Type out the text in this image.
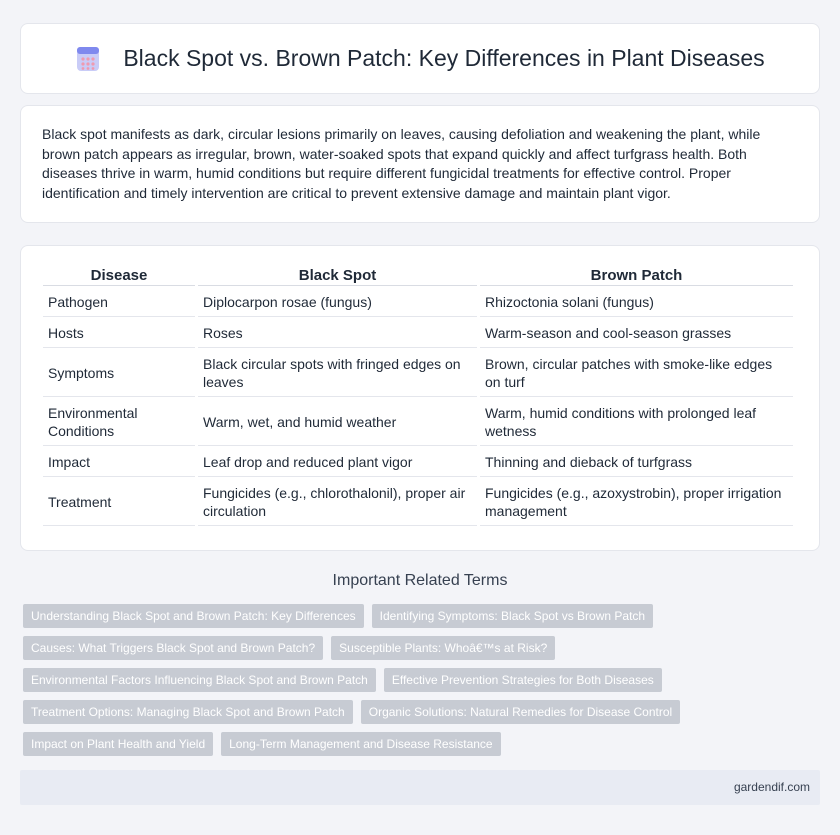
Black Spot vs. Brown Patch: Key Differences in Plant Diseases

Black spot manifests as dark, circular lesions primarily on leaves, causing defoliation and weakening the plant, while brown patch appears as irregular, brown, water-soaked spots that expand quickly and affect turfgrass health. Both diseases thrive in warm, humid conditions but require different fungicidal treatments for effective control. Proper identification and timely intervention are critical to prevent extensive damage and maintain plant vigor.

Disease	Black Spot	Brown Patch
Pathogen	Diplocarpon rosae (fungus)	Rhizoctonia solani (fungus)
Hosts	Roses	Warm-season and cool-season grasses
Symptoms	Black circular spots with fringed edges on leaves	Brown, circular patches with smoke-like edges on turf
Environmental Conditions	Warm, wet, and humid weather	Warm, humid conditions with prolonged leaf wetness
Impact	Leaf drop and reduced plant vigor	Thinning and dieback of turfgrass
Treatment	Fungicides (e.g., chlorothalonil), proper air circulation	Fungicides (e.g., azoxystrobin), proper irrigation management
Important Related Terms
Understanding Black Spot and Brown Patch: Key Differences	Identifying Symptoms: Black Spot vs Brown Patch
Causes: What Triggers Black Spot and Brown Patch?	Susceptible Plants: Whoâ€™s at Risk?
Environmental Factors Influencing Black Spot and Brown Patch	Effective Prevention Strategies for Both Diseases
Treatment Options: Managing Black Spot and Brown Patch	Organic Solutions: Natural Remedies for Disease Control
Impact on Plant Health and Yield	Long-Term Management and Disease Resistance
gardendif.com
